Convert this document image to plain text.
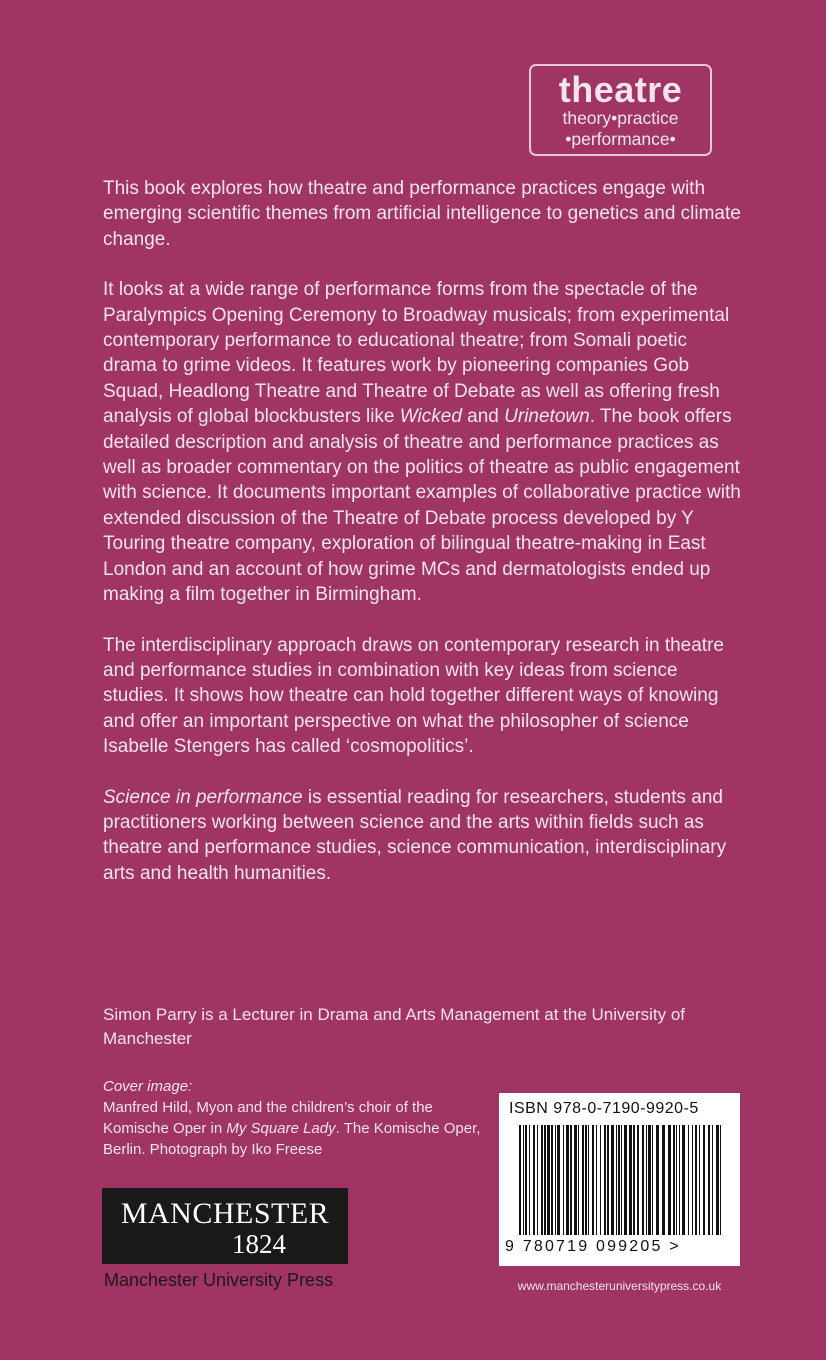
theatre
theory•practice
•performance•

This book explores how theatre and performance practices engage with emerging scientific themes from artificial intelligence to genetics and climate change.

It looks at a wide range of performance forms from the spectacle of the Paralympics Opening Ceremony to Broadway musicals; from experimental contemporary performance to educational theatre; from Somali poetic drama to grime videos. It features work by pioneering companies Gob Squad, Headlong Theatre and Theatre of Debate as well as offering fresh analysis of global blockbusters like Wicked and Urinetown. The book offers detailed description and analysis of theatre and performance practices as well as broader commentary on the politics of theatre as public engagement with science. It documents important examples of collaborative practice with extended discussion of the Theatre of Debate process developed by Y Touring theatre company, exploration of bilingual theatre-making in East London and an account of how grime MCs and dermatologists ended up making a film together in Birmingham.

The interdisciplinary approach draws on contemporary research in theatre and performance studies in combination with key ideas from science studies. It shows how theatre can hold together different ways of knowing and offer an important perspective on what the philosopher of science Isabelle Stengers has called ‘cosmopolitics’.

Science in performance is essential reading for researchers, students and practitioners working between science and the arts within fields such as theatre and performance studies, science communication, interdisciplinary arts and health humanities.

Simon Parry is a Lecturer in Drama and Arts Management at the University of Manchester
Cover image:
Manfred Hild, Myon and the children’s choir of the Komische Oper in My Square Lady. The Komische Oper, Berlin. Photograph by Iko Freese
ISBN 978-0-7190-9920-5
9 780719 099205 >
www.manchesteruniversitypress.co.uk
MANCHESTER
1824
Manchester University Press
